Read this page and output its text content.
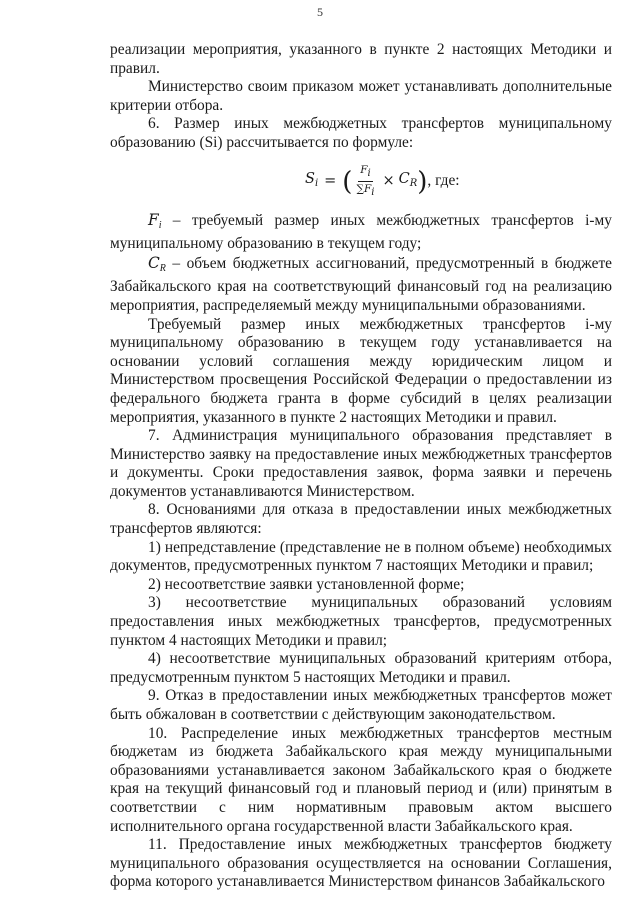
5

реализации мероприятия, указанного в пункте 2 настоящих Методики и правил.

Министерство своим приказом может устанавливать дополнительные критерии отбора.

6. Размер иных межбюджетных трансфертов муниципальному образованию (Si) рассчитывается по формуле:

$S_i$ = ( $\frac{Fi}{\sum Fi} \times C_R$ ) , где:

$F_i$ – требуемый размер иных межбюджетных трансфертов i-му муниципальному образованию в текущем году;

$C_R$ – объем бюджетных ассигнований, предусмотренный в бюджете Забайкальского края на соответствующий финансовый год на реализацию мероприятия, распределяемый между муниципальными образованиями.

Требуемый размер иных межбюджетных трансфертов i-му муниципальному образованию в текущем году устанавливается на основании условий соглашения между юридическим лицом и Министерством просвещения Российской Федерации о предоставлении из федерального бюджета гранта в форме субсидий в целях реализации мероприятия, указанного в пункте 2 настоящих Методики и правил.

7. Администрация муниципального образования представляет в Министерство заявку на предоставление иных межбюджетных трансфертов и документы. Сроки предоставления заявок, форма заявки и перечень документов устанавливаются Министерством.

8. Основаниями для отказа в предоставлении иных межбюджетных трансфертов являются:

1) непредставление (представление не в полном объеме) необходимых документов, предусмотренных пунктом 7 настоящих Методики и правил;

2) несоответствие заявки установленной форме;

3) несоответствие муниципальных образований условиям предоставления иных межбюджетных трансфертов, предусмотренных пунктом 4 настоящих Методики и правил;

4) несоответствие муниципальных образований критериям отбора, предусмотренным пунктом 5 настоящих Методики и правил.

9. Отказ в предоставлении иных межбюджетных трансфертов может быть обжалован в соответствии с действующим законодательством.

10. Распределение иных межбюджетных трансфертов местным бюджетам из бюджета Забайкальского края между муниципальными образованиями устанавливается законом Забайкальского края о бюджете края на текущий финансовый год и плановый период и (или) принятым в соответствии с ним нормативным правовым актом высшего исполнительного органа государственной власти Забайкальского края.

11. Предоставление иных межбюджетных трансфертов бюджету муниципального образования осуществляется на основании Соглашения, форма которого устанавливается Министерством финансов Забайкальского
